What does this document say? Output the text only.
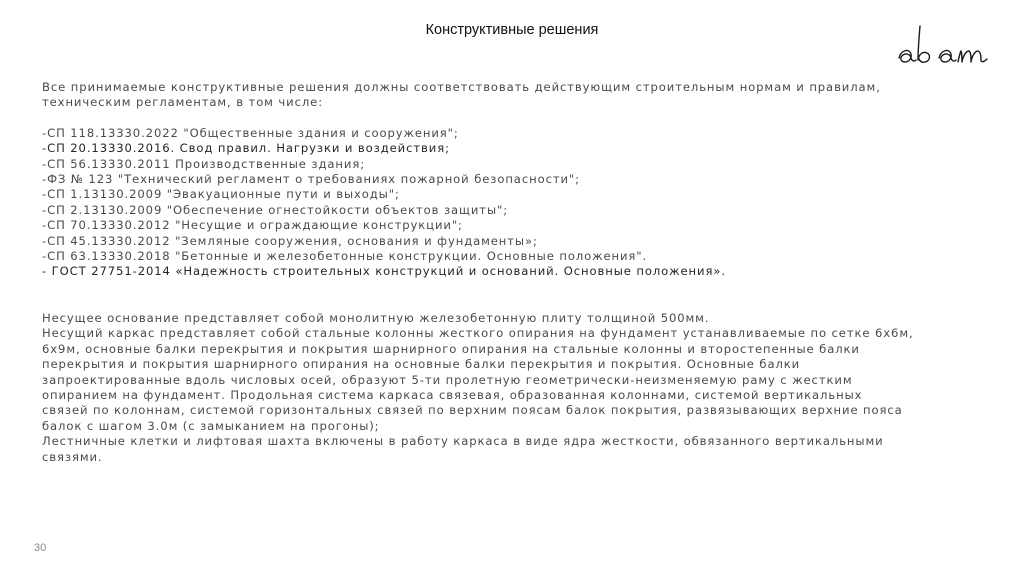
Конструктивные решения

Все принимаемые конструктивные решения должны соответствовать действующим строительным нормам и правилам,

техническим регламентам, в том числе:

-СП 118.13330.2022 "Общественные здания и сооружения";
-СП 20.13330.2016. Свод правил. Нагрузки и воздействия;
-СП 56.13330.2011 Производственные здания;
-ФЗ № 123 "Технический регламент о требованиях пожарной безопасности";
-СП 1.13130.2009 "Эвакуационные пути и выходы";
-СП 2.13130.2009 "Обеспечение огнестойкости объектов защиты";
-СП 70.13330.2012 "Несущие и ограждающие конструкции";
-СП 45.13330.2012 "Земляные сооружения, основания и фундаменты»;
-СП 63.13330.2018 "Бетонные и железобетонные конструкции. Основные положения".
- ГОСТ 27751-2014 «Надежность строительных конструкций и оснований. Основные положения».

Несущее основание представляет собой монолитную железобетонную плиту толщиной 500мм.

Несущий каркас представляет собой стальные колонны жесткого опирания на фундамент устанавливаемые по сетке 6х6м,

6х9м, основные балки перекрытия и покрытия шарнирного опирания на стальные колонны и второстепенные балки

перекрытия и покрытия шарнирного опирания на основные балки перекрытия и покрытия. Основные балки

запроектированные вдоль числовых осей, образуют 5-ти пролетную геометрически-неизменяемую раму с жестким

опиранием на фундамент. Продольная система каркаса связевая, образованная колоннами, системой вертикальных

связей по колоннам, системой горизонтальных связей по верхним поясам балок покрытия, развязывающих верхние пояса

балок с шагом 3.0м (с замыканием на прогоны);

Лестничные клетки и лифтовая шахта включены в работу каркаса в виде ядра жесткости, обвязанного вертикальными

связями.

30
